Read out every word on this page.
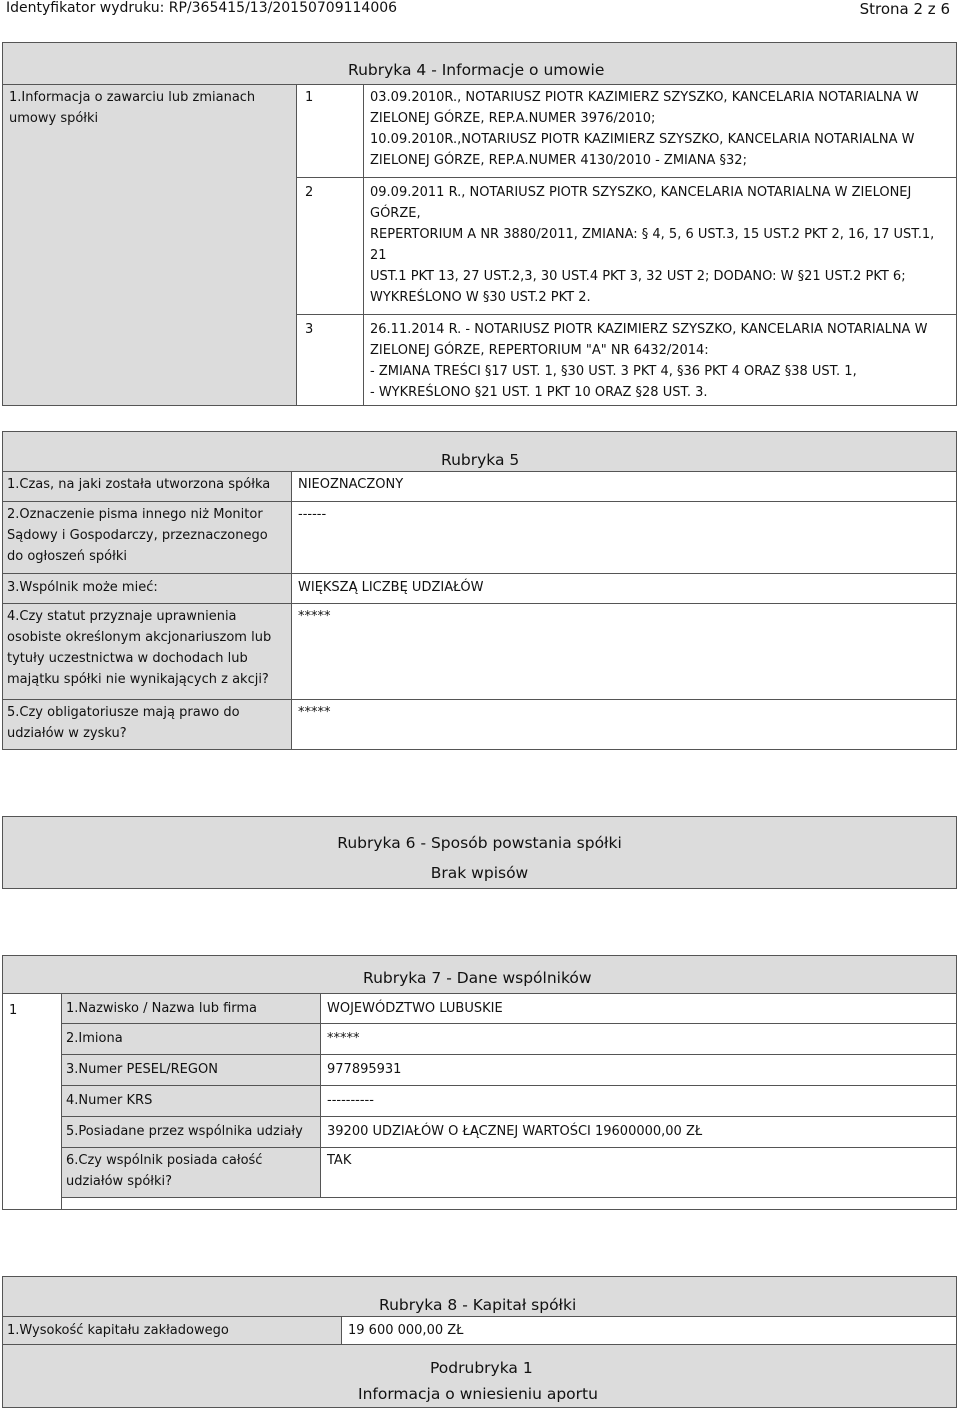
Identyfikator wydruku: RP/365415/13/20150709114006	Strona 2 z 6
Rubryka 4 - Informacje o umowie		

1.Informacja o zawarciu lub zmianach umowy spółki	1	03.09.2010R., NOTARIUSZ PIOTR KAZIMIERZ SZYSZKO, KANCELARIA NOTARIALNA W
ZIELONEJ GÓRZE, REP.A.NUMER 3976/2010;
10.09.2010R.,NOTARIUSZ PIOTR KAZIMIERZ SZYSZKO, KANCELARIA NOTARIALNA W
ZIELONEJ GÓRZE, REP.A.NUMER 4130/2010 - ZMIANA §32;

	2	09.09.2011 R., NOTARIUSZ PIOTR SZYSZKO, KANCELARIA NOTARIALNA W ZIELONEJ GÓRZE,
REPERTORIUM A NR 3880/2011, ZMIANA: § 4, 5, 6 UST.3, 15 UST.2 PKT 2, 16, 17 UST.1, 21
UST.1 PKT 13, 27 UST.2,3, 30 UST.4 PKT 3, 32 UST 2; DODANO: W §21 UST.2 PKT 6;
WYKREŚLONO W §30 UST.2 PKT 2.

	3	26.11.2014 R. - NOTARIUSZ PIOTR KAZIMIERZ SZYSZKO, KANCELARIA NOTARIALNA W
ZIELONEJ GÓRZE, REPERTORIUM "A" NR 6432/2014:
- ZMIANA TREŚCI §17 UST. 1, §30 UST. 3 PKT 4, §36 PKT 4 ORAZ §38 UST. 1,
- WYKREŚLONO §21 UST. 1 PKT 10 ORAZ §28 UST. 3.
Rubryka 5	

1.Czas, na jaki została utworzona spółka	NIEOZNACZONY

2.Oznaczenie pisma innego niż Monitor Sądowy i Gospodarczy, przeznaczonego do ogłoszeń spółki	------

3.Wspólnik może mieć:	WIĘKSZĄ LICZBĘ UDZIAŁÓW

4.Czy statut przyznaje uprawnienia osobiste określonym akcjonariuszom lub tytuły uczestnictwa w dochodach lub majątku spółki nie wynikających z akcji?	*****

5.Czy obligatoriusze mają prawo do udziałów w zysku?	*****
Rubryka 6 - Sposób powstania spółki
Brak wpisów
Rubryka 7 - Dane wspólników		

1	1.Nazwisko / Nazwa lub firma	WOJEWÓDZTWO LUBUSKIE

	2.Imiona	*****

	3.Numer PESEL/REGON	977895931

	4.Numer KRS	----------

	5.Posiadane przez wspólnika udziały	39200 UDZIAŁÓW O ŁĄCZNEJ WARTOŚCI 19600000,00 ZŁ

	6.Czy wspólnik posiada całość udziałów spółki?	TAK

Rubryka 8 - Kapitał spółki

1.Wysokość kapitału zakładowego	19 600 000,00 ZŁ

Podrubryka 1
Informacja o wniesieniu aportu
